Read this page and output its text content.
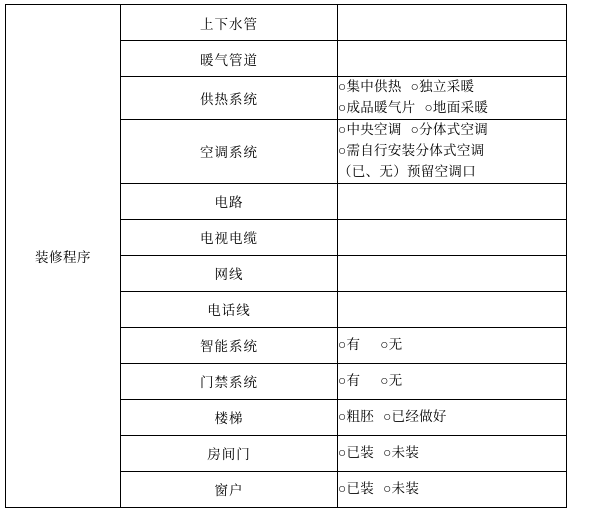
装修程序	上下水管	
	暖气管道	
	供热系统	○集中供热 ○独立采暖
○成品暖气片 ○地面采暖

	空调系统	○中央空调 ○分体式空调
○需自行安装分体式空调
（已、无）预留空调口

	电路	
	电视电缆	
	网线	
	电话线	
	智能系统	○有 ○无

	门禁系统	○有 ○无

	楼梯	○粗胚 ○已经做好

	房间门	○已装 ○未装

	窗户	○已装 ○未装
